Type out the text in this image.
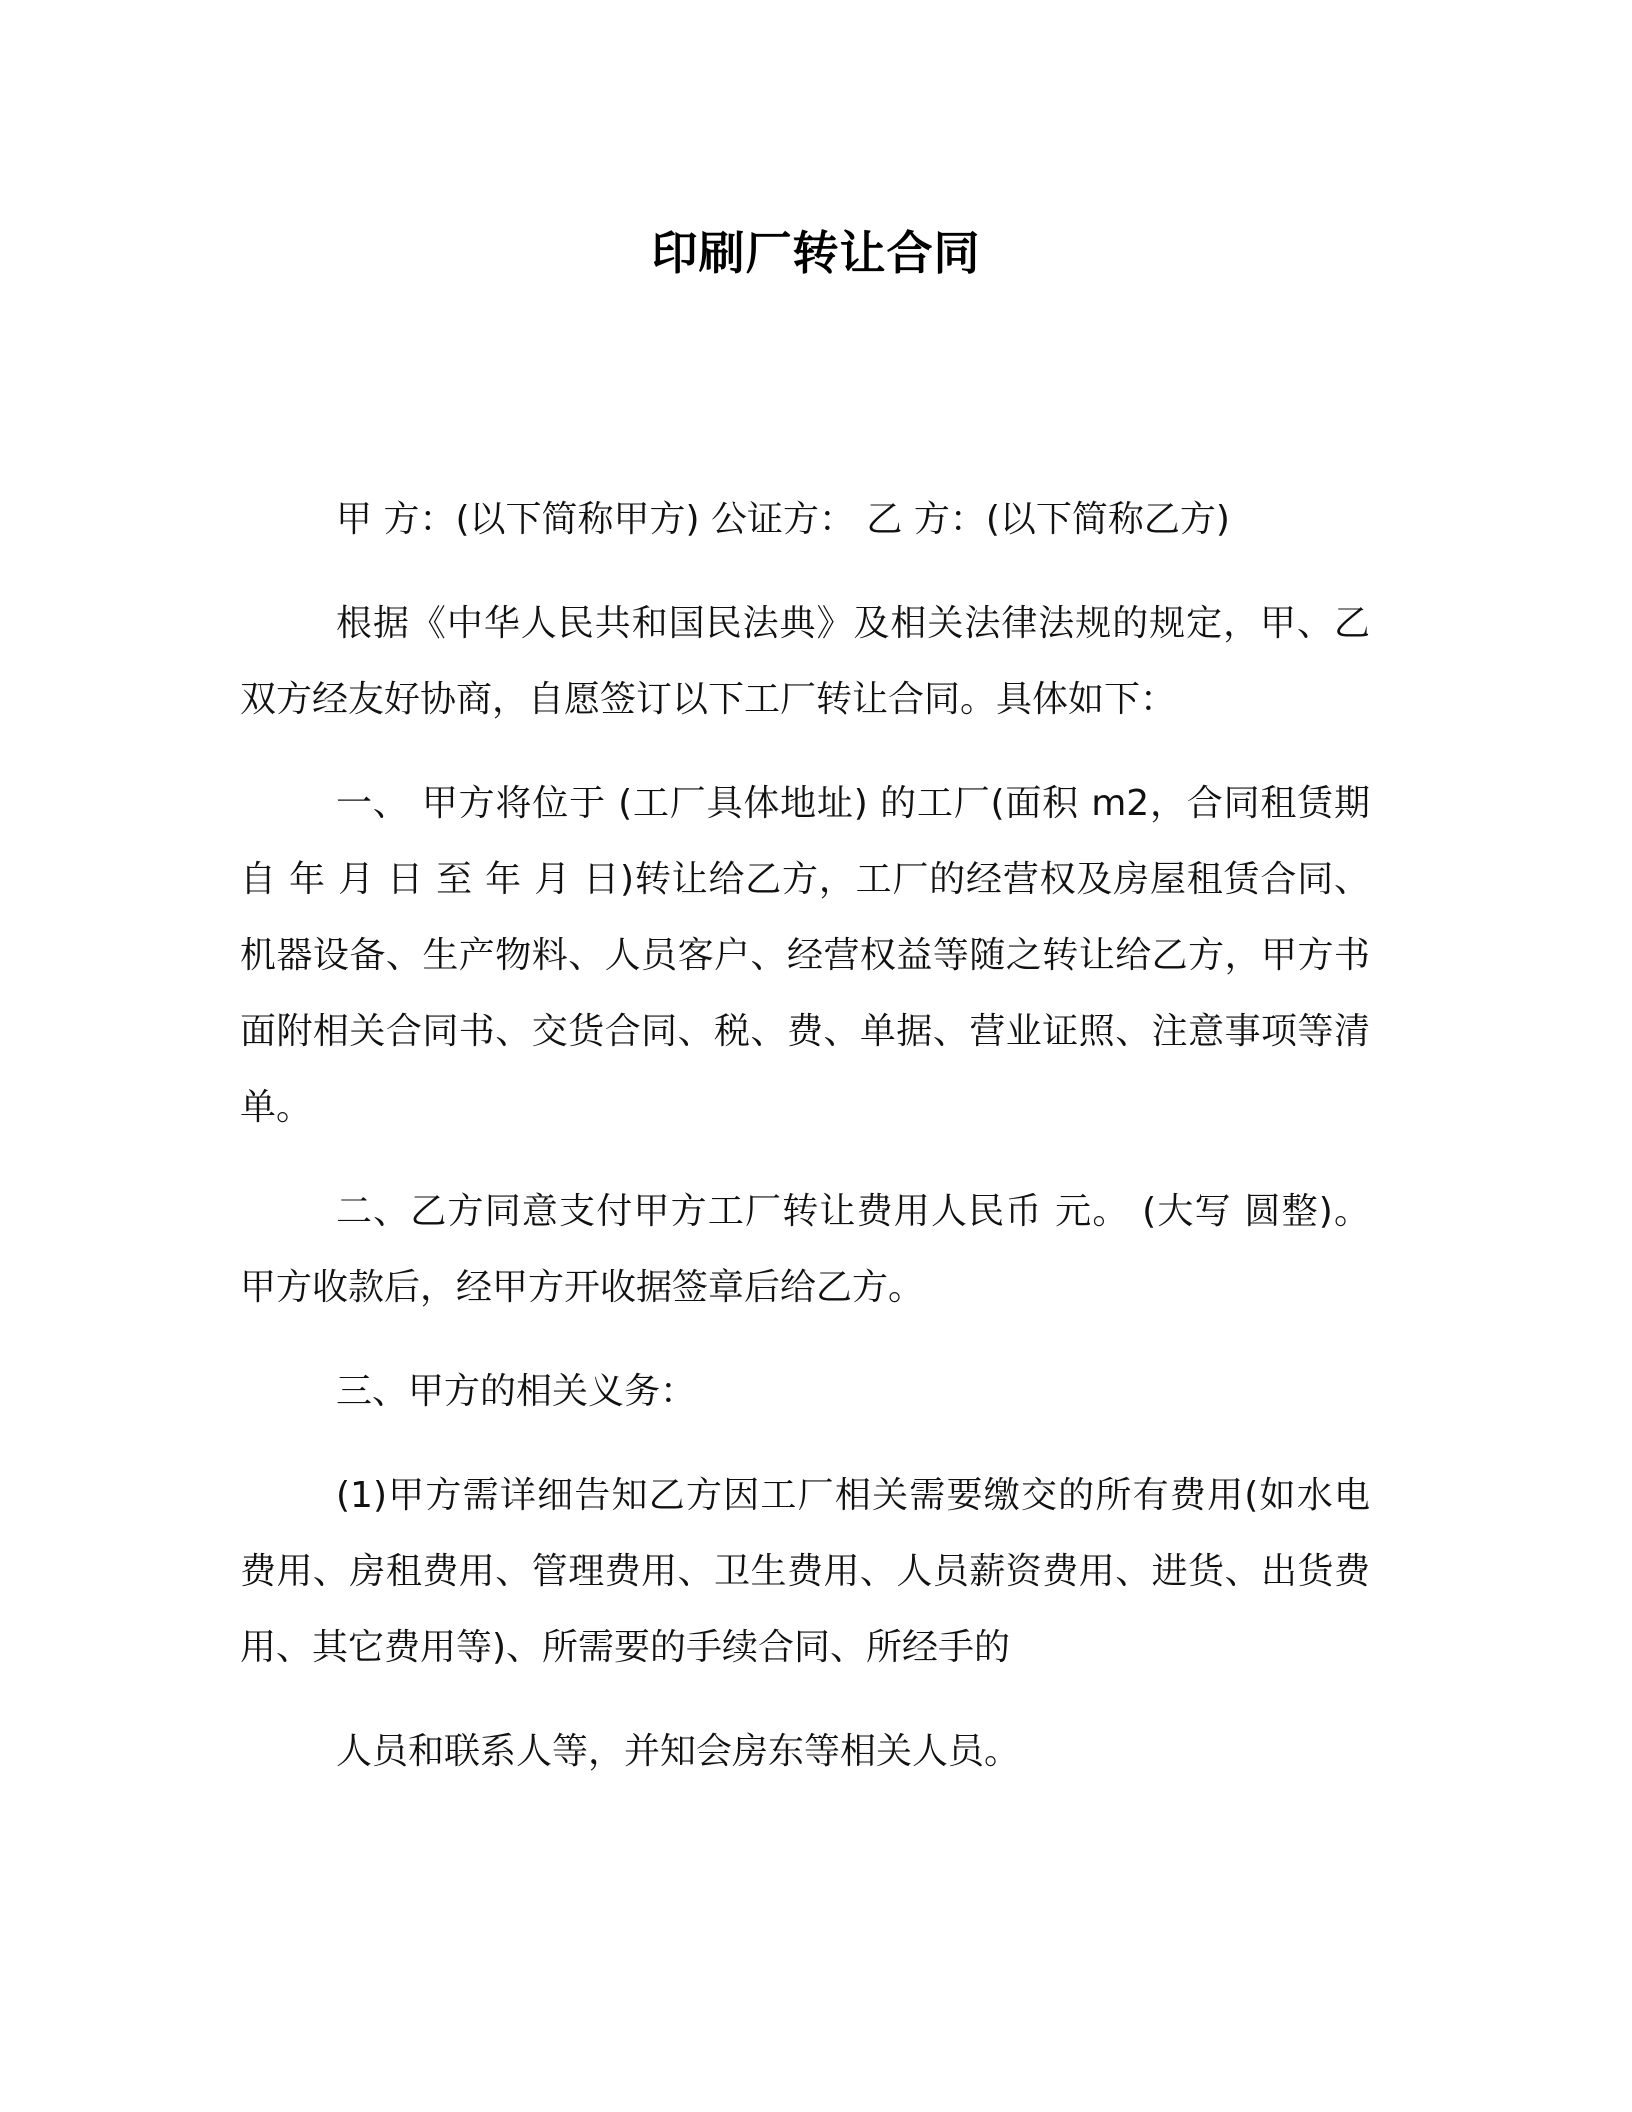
印刷厂转让合同

甲 方：(以下简称甲方) 公证方： 乙 方：(以下简称乙方)

根据《中华人民共和国民法典》及相关法律法规的规定，甲、乙双方经友好协商，自愿签订以下工厂转让合同。具体如下：

一、 甲方将位于 (工厂具体地址) 的工厂(面积 m2，合同租赁期自 年 月 日 至 年 月 日)转让给乙方，工厂的经营权及房屋租赁合同、机器设备、生产物料、人员客户、经营权益等随之转让给乙方，甲方书面附相关合同书、交货合同、税、费、单据、营业证照、注意事项等清单。

二、乙方同意支付甲方工厂转让费用人民币 元。 (大写 圆整)。甲方收款后，经甲方开收据签章后给乙方。

三、甲方的相关义务：

(1)甲方需详细告知乙方因工厂相关需要缴交的所有费用(如水电费用、房租费用、管理费用、卫生费用、人员薪资费用、进货、出货费用、其它费用等)、所需要的手续合同、所经手的

人员和联系人等，并知会房东等相关人员。
